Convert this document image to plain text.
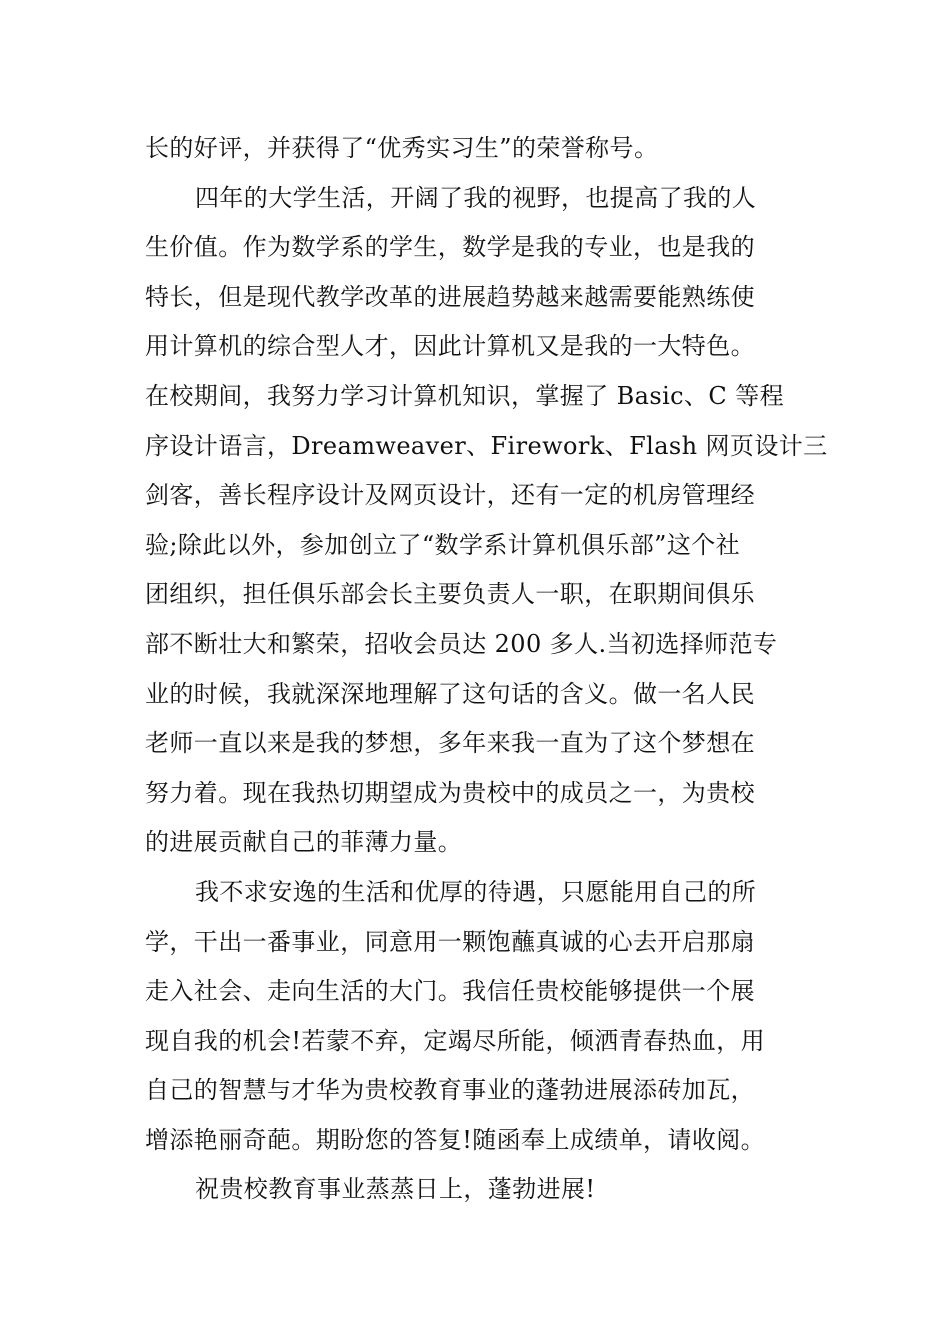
长的好评，并获得了“优秀实习生”的荣誉称号。
四年的大学生活，开阔了我的视野，也提高了我的人
生价值。作为数学系的学生，数学是我的专业，也是我的
特长，但是现代教学改革的进展趋势越来越需要能熟练使
用计算机的综合型人才，因此计算机又是我的一大特色。
在校期间，我努力学习计算机知识，掌握了 Basic、C 等程
序设计语言，Dreamweaver、Firework、Flash 网页设计三
剑客，善长程序设计及网页设计，还有一定的机房管理经
验;除此以外，参加创立了“数学系计算机俱乐部”这个社
团组织，担任俱乐部会长主要负责人一职，在职期间俱乐
部不断壮大和繁荣，招收会员达 200 多人.当初选择师范专
业的时候，我就深深地理解了这句话的含义。做一名人民
老师一直以来是我的梦想，多年来我一直为了这个梦想在
努力着。现在我热切期望成为贵校中的成员之一，为贵校
的进展贡献自己的菲薄力量。
我不求安逸的生活和优厚的待遇，只愿能用自己的所
学，干出一番事业，同意用一颗饱蘸真诚的心去开启那扇
走入社会、走向生活的大门。我信任贵校能够提供一个展
现自我的机会!若蒙不弃，定竭尽所能，倾洒青春热血，用
自己的智慧与才华为贵校教育事业的蓬勃进展添砖加瓦，
增添艳丽奇葩。期盼您的答复!随函奉上成绩单，请收阅。
祝贵校教育事业蒸蒸日上，蓬勃进展!
